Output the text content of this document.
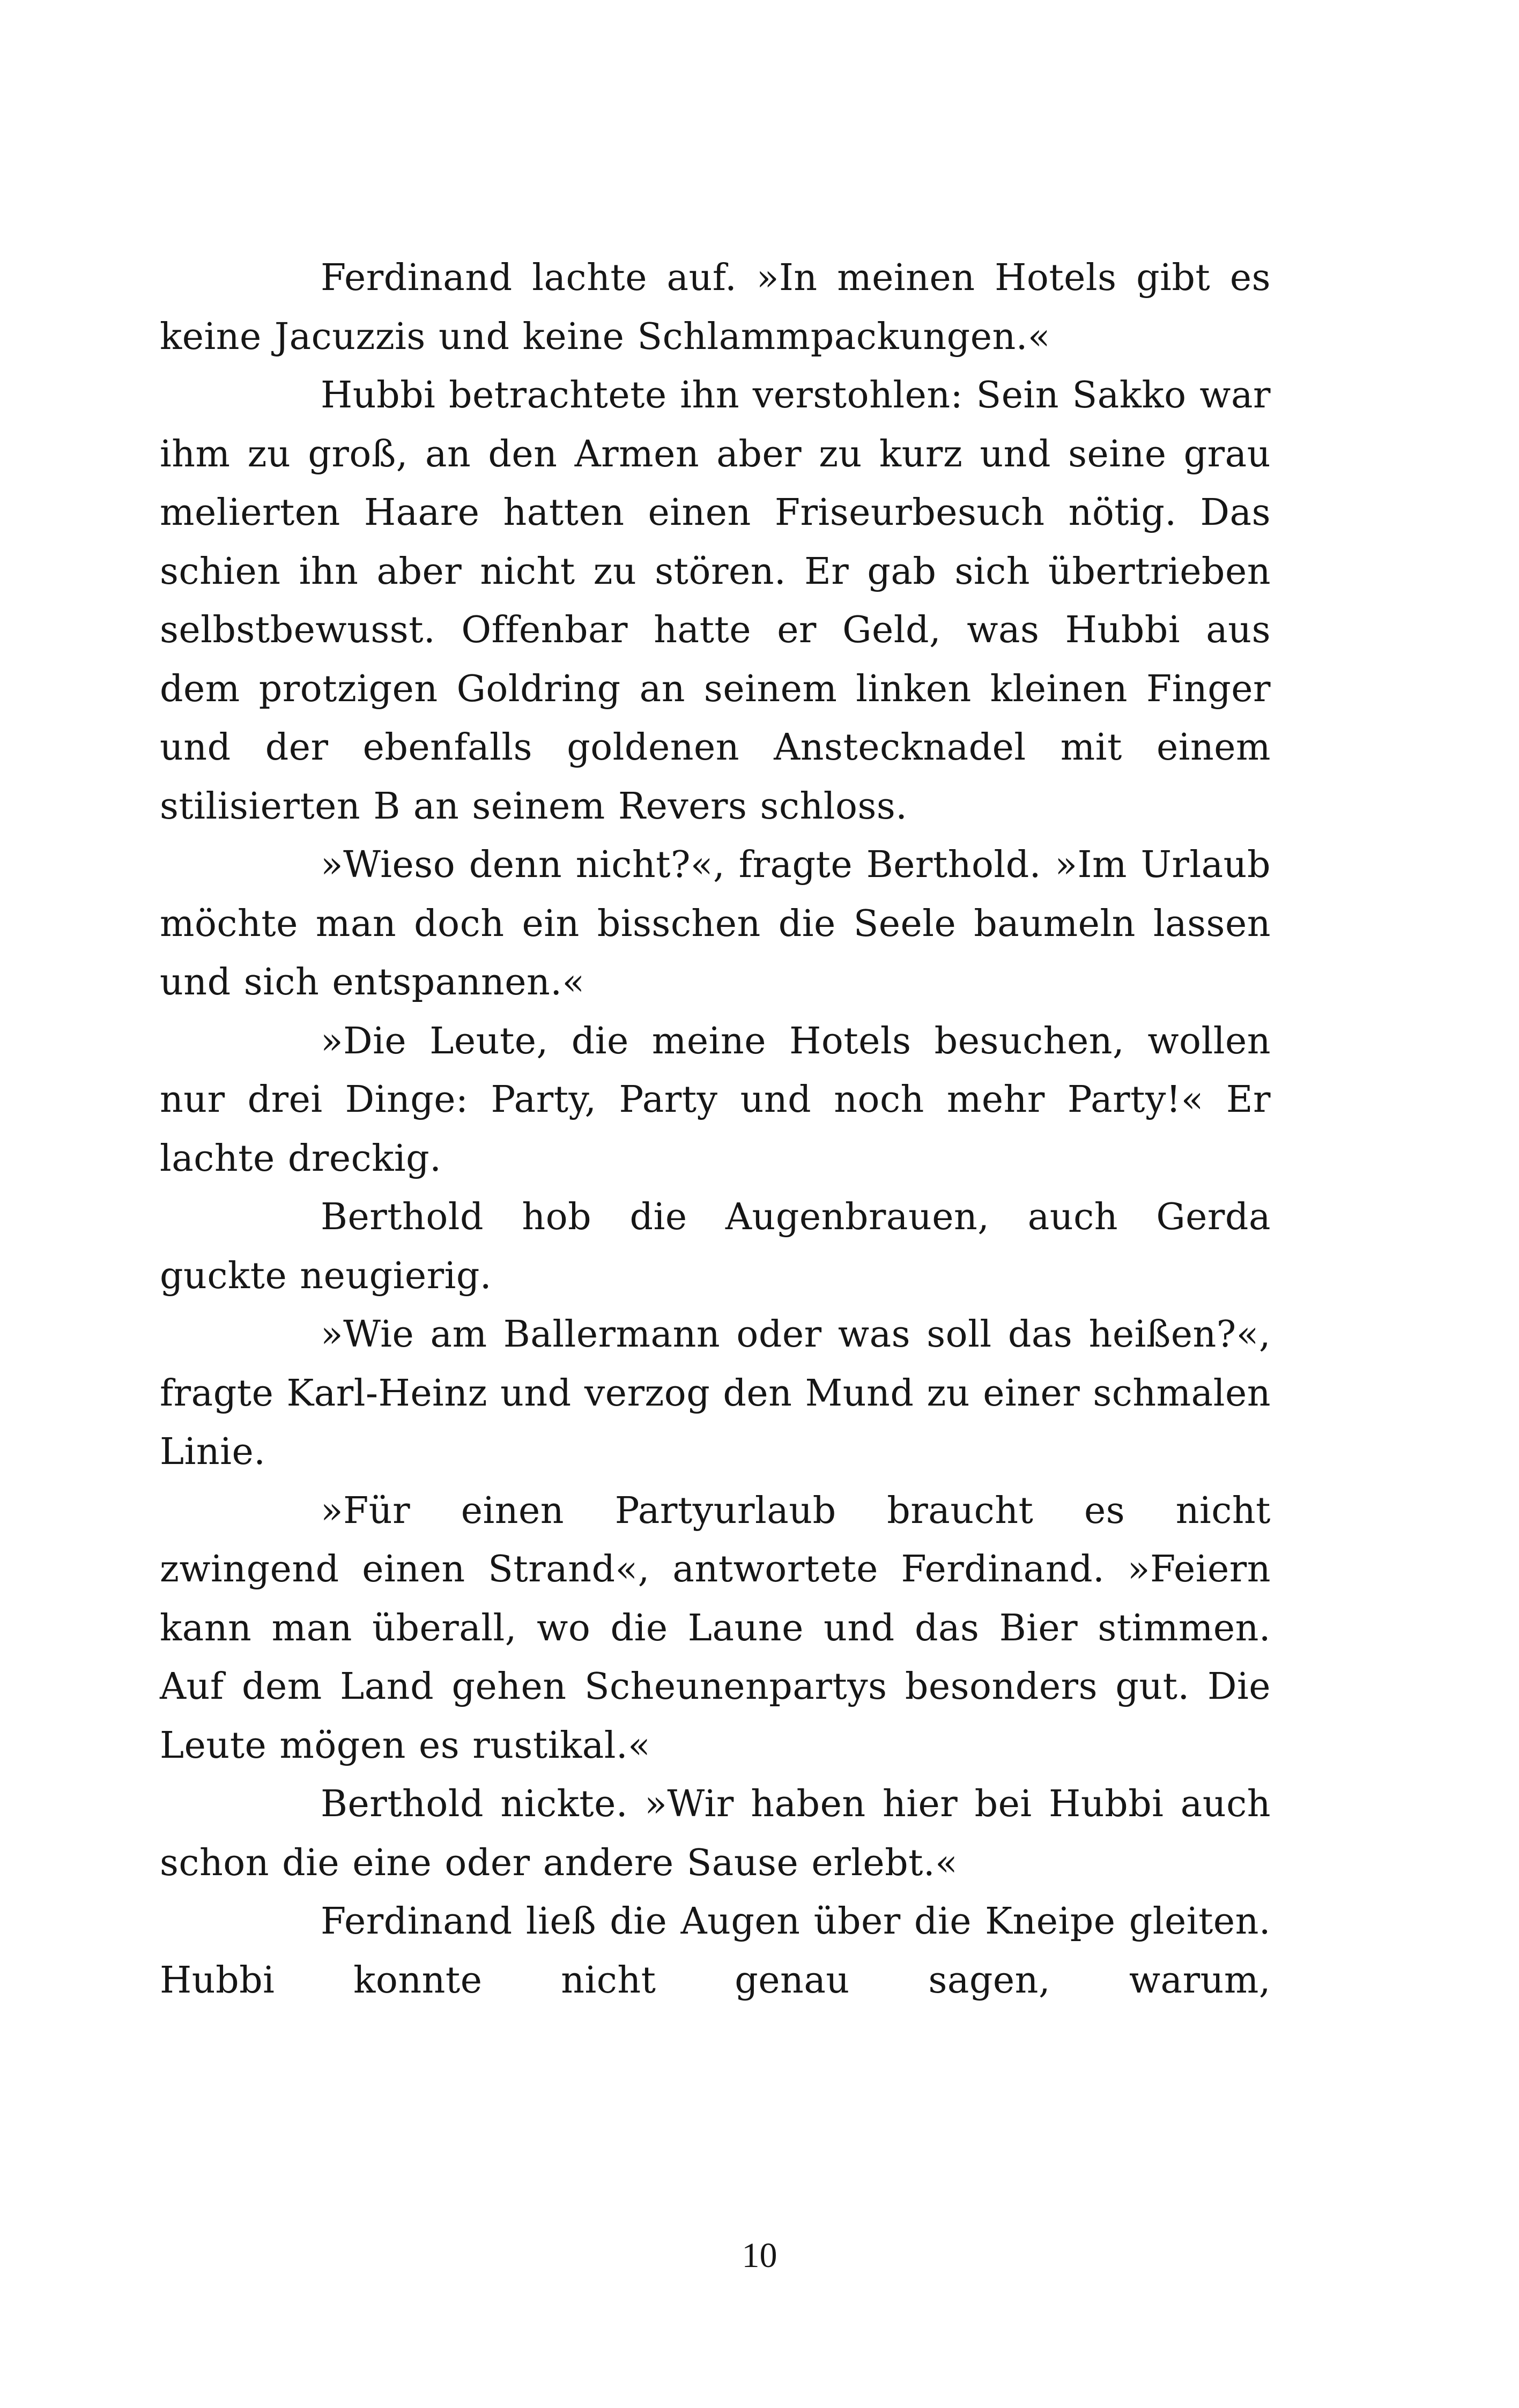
Ferdinand lachte auf. »In meinen Hotels gibt es keine Jacuzzis und keine Schlammpackungen.«

Hubbi betrachtete ihn verstohlen: Sein Sakko war ihm zu groß, an den Armen aber zu kurz und seine grau melierten Haare hatten einen Friseurbesuch nötig. Das schien ihn aber nicht zu stören. Er gab sich übertrieben selbstbewusst. Offenbar hatte er Geld, was Hubbi aus dem protzigen Goldring an seinem linken kleinen Finger und der ebenfalls goldenen Anstecknadel mit einem stilisierten B an seinem Revers schloss.

»Wieso denn nicht?«, fragte Berthold. »Im Urlaub möchte man doch ein bisschen die Seele baumeln lassen und sich entspannen.«

»Die Leute, die meine Hotels besuchen, wollen nur drei Dinge: Party, Party und noch mehr Party!« Er lachte dreckig.

Berthold hob die Augenbrauen, auch Gerda guckte neugierig.

»Wie am Ballermann oder was soll das heißen?«, fragte Karl-Heinz und verzog den Mund zu einer schmalen Linie.

»Für einen Partyurlaub braucht es nicht zwingend einen Strand«, antwortete Ferdinand. »Feiern kann man überall, wo die Laune und das Bier stimmen. Auf dem Land gehen Scheunenpartys besonders gut. Die Leute mögen es rustikal.«

Berthold nickte. »Wir haben hier bei Hubbi auch schon die eine oder andere Sause erlebt.«

Ferdinand ließ die Augen über die Kneipe gleiten. Hubbi konnte nicht genau sagen, warum,

10
